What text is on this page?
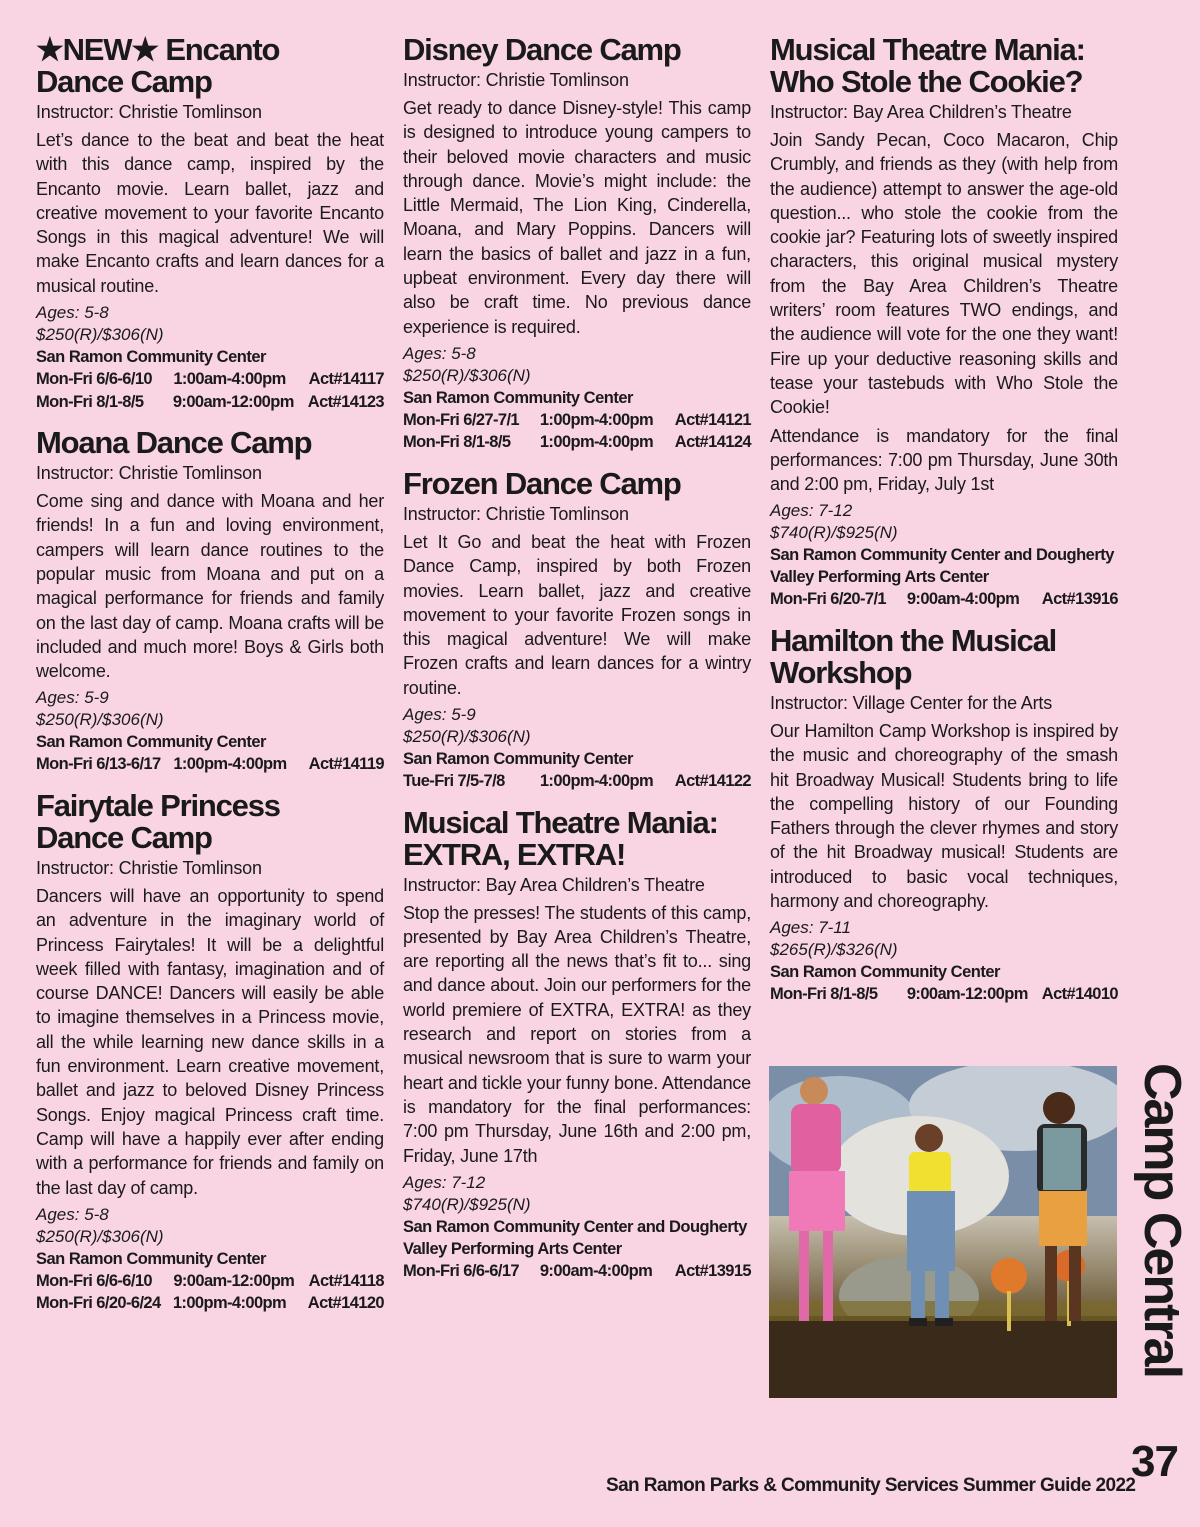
★NEW★ Encanto
Dance Camp

Instructor: Christie Tomlinson

Let’s dance to the beat and beat the heat with this dance camp, inspired by the Encanto movie. Learn ballet, jazz and creative movement to your favorite Encanto Songs in this magical adventure! We will make Encanto crafts and learn dances for a musical routine.

Ages: 5-8

$250(R)/$306(N)

San Ramon Community Center

Mon-Fri 6/6-6/10	1:00am-4:00pm	Act#14117
Mon-Fri 8/1-8/5	9:00am-12:00pm Act#14123
Moana Dance Camp

Instructor: Christie Tomlinson

Come sing and dance with Moana and her friends! In a fun and loving environment, campers will learn dance routines to the popular music from Moana and put on a magical performance for friends and family on the last day of camp. Moana crafts will be included and much more! Boys & Girls both welcome.

Ages: 5-9

$250(R)/$306(N)

San Ramon Community Center

Mon-Fri 6/13-6/17 1:00pm-4:00pm	Act#14119
Fairytale Princess
Dance Camp

Instructor: Christie Tomlinson

Dancers will have an opportunity to spend an adventure in the imaginary world of Princess Fairytales! It will be a delightful week filled with fantasy, imagination and of course DANCE! Dancers will easily be able to imagine themselves in a Princess movie, all the while learning new dance skills in a fun environment. Learn creative movement, ballet and jazz to beloved Disney Princess Songs. Enjoy magical Princess craft time. Camp will have a happily ever after ending with a performance for friends and family on the last day of camp.

Ages: 5-8

$250(R)/$306(N)

San Ramon Community Center

Mon-Fri 6/6-6/10	9:00am-12:00pm Act#14118
Mon-Fri 6/20-6/24 1:00pm-4:00pm	Act#14120
Disney Dance Camp

Instructor: Christie Tomlinson

Get ready to dance Disney-style! This camp is designed to introduce young campers to their beloved movie characters and music through dance. Movie’s might include: the Little Mermaid, The Lion King, Cinderella, Moana, and Mary Poppins. Dancers will learn the basics of ballet and jazz in a fun, upbeat environment. Every day there will also be craft time. No previous dance experience is required.

Ages: 5-8

$250(R)/$306(N)

San Ramon Community Center

Mon-Fri 6/27-7/1	1:00pm-4:00pm	Act#14121
Mon-Fri 8/1-8/5	1:00pm-4:00pm	Act#14124
Frozen Dance Camp

Instructor: Christie Tomlinson

Let It Go and beat the heat with Frozen Dance Camp, inspired by both Frozen movies. Learn ballet, jazz and creative movement to your favorite Frozen songs in this magical adventure! We will make Frozen crafts and learn dances for a wintry routine.

Ages: 5-9

$250(R)/$306(N)

San Ramon Community Center

Tue-Fri 7/5-7/8	1:00pm-4:00pm	Act#14122
Musical Theatre Mania:
EXTRA, EXTRA!

Instructor: Bay Area Children’s Theatre

Stop the presses! The students of this camp, presented by Bay Area Children’s Theatre, are reporting all the news that’s fit to... sing and dance about. Join our performers for the world premiere of EXTRA, EXTRA! as they research and report on stories from a musical newsroom that is sure to warm your heart and tickle your funny bone. Attendance is mandatory for the final performances: 7:00 pm Thursday, June 16th and 2:00 pm, Friday, June 17th

Ages: 7-12

$740(R)/$925(N)

San Ramon Community Center and Dougherty Valley Performing Arts Center

Mon-Fri 6/6-6/17	9:00am-4:00pm	Act#13915
Musical Theatre Mania:
Who Stole the Cookie?

Instructor: Bay Area Children’s Theatre

Join Sandy Pecan, Coco Macaron, Chip Crumbly, and friends as they (with help from the audience) attempt to answer the age-old question... who stole the cookie from the cookie jar? Featuring lots of sweetly inspired characters, this original musical mystery from the Bay Area Children’s Theatre writers’ room features TWO endings, and the audience will vote for the one they want! Fire up your deductive reasoning skills and tease your tastebuds with Who Stole the Cookie!

Attendance is mandatory for the final performances: 7:00 pm Thursday, June 30th and 2:00 pm, Friday, July 1st

Ages: 7-12

$740(R)/$925(N)

San Ramon Community Center and Dougherty Valley Performing Arts Center

Mon-Fri 6/20-7/1	9:00am-4:00pm	Act#13916
Hamilton the Musical
Workshop

Instructor: Village Center for the Arts

Our Hamilton Camp Workshop is inspired by the music and choreography of the smash hit Broadway Musical! Students bring to life the compelling history of our Founding Fathers through the clever rhymes and story of the hit Broadway musical! Students are introduced to basic vocal techniques, harmony and choreography.

Ages: 7-11

$265(R)/$326(N)

San Ramon Community Center

Mon-Fri 8/1-8/5	9:00am-12:00pm Act#14010
Camp Central
San Ramon Parks & Community Services Summer Guide 2022
37
